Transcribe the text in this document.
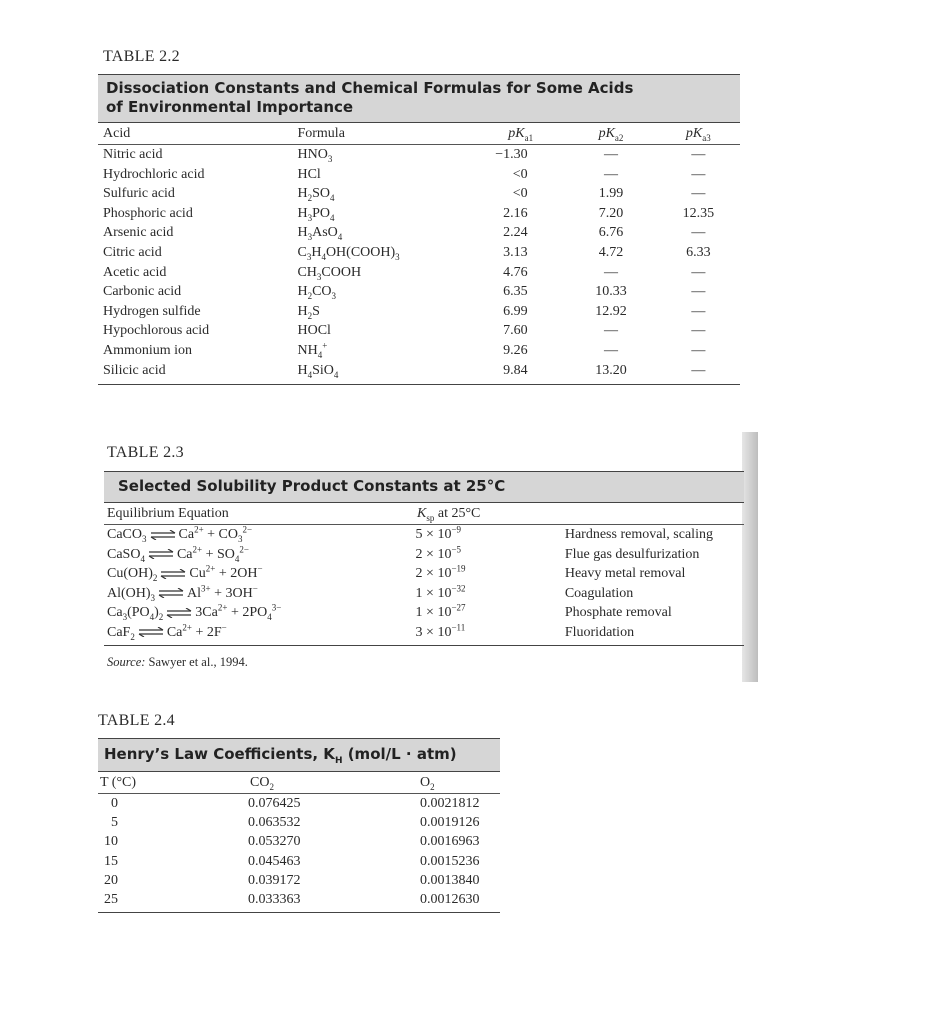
TABLE 2.2
Dissociation Constants and Chemical Formulas for Some Acids
of Environmental Importance
Acid	Formula	$pK_{a1}$	$pK_{a2}$	$pK_{a3}$
Nitric acid	$HNO_3$	−1.30	—	—
Hydrochloric acid	HCl	<0	—	—
Sulfuric acid	$H_2SO_4$	<0	1.99	—
Phosphoric acid	$H_3PO_4$	2.16	7.20	12.35
Arsenic acid	$H_3AsO_4$	2.24	6.76	—
Citric acid	$C_3H_4OH(COOH)_3$	3.13	4.72	6.33
Acetic acid	$CH_3COOH$	4.76	—	—
Carbonic acid	$H_2CO_3$	6.35	10.33	—
Hydrogen sulfide	$H_2S$	6.99	12.92	—
Hypochlorous acid	HOCl	7.60	—	—
Ammonium ion	$NH_4^+$	9.26	—	—
Silicic acid	$H_4SiO_4$	9.84	13.20	—
TABLE 2.3
Selected Solubility Product Constants at 25°C
Equilibrium Equation	$K_{sp}$ at 25°C
CaCO$_3$ ⇌ $Ca^{2+} + CO_3^{2-}$	$5 \times 10^{-9}$	Hardness removal, scaling
CaSO$_4$ ⇌ $Ca^{2+} + SO_4^{2-}$	$2 \times 10^{-5}$	Flue gas desulfurization
$Cu(OH)_2$ ⇌ $Cu^{2+} + 2OH^-$	$2 \times 10^{-19}$	Heavy metal removal
$Al(OH)_3$ ⇌ $Al^{3+} + 3OH^-$	$1 \times 10^{-32}$	Coagulation
$Ca_3(PO_4)_2$ ⇌ $3Ca^{2+} + 2PO_4^{3-}$	$1 \times 10^{-27}$	Phosphate removal
CaF$_2$ ⇌ $Ca^{2+} + 2F^-$	$3 \times 10^{-11}$	Fluoridation
Source: Sawyer et al., 1994.
TABLE 2.4
Henry’s Law Coefficients, $K_H$ (mol/L · atm)
T (°C)	$CO_2$	$O_2$
0	0.076425	0.0021812
5	0.063532	0.0019126
10	0.053270	0.0016963
15	0.045463	0.0015236
20	0.039172	0.0013840
25	0.033363	0.0012630
